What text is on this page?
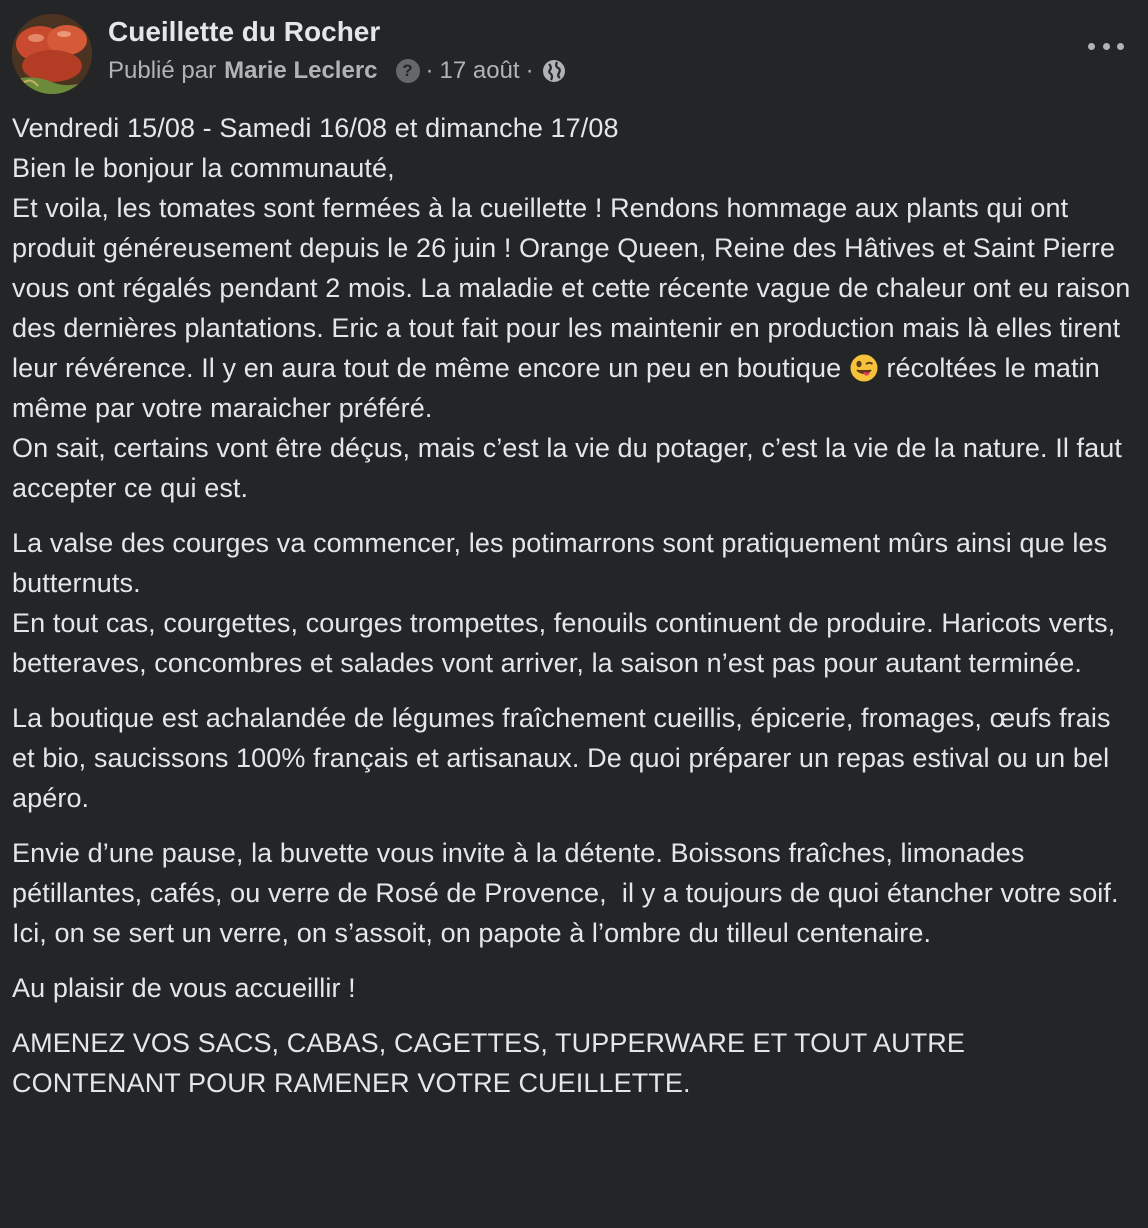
Cueillette du Rocher
Publié par Marie Leclerc	? · 17 août ·

Vendredi 15/08 - Samedi 16/08 et dimanche 17/08
Bien le bonjour la communauté,
Et voila, les tomates sont fermées à la cueillette ! Rendons hommage aux plants qui ont produit généreusement depuis le 26 juin ! Orange Queen, Reine des Hâtives et Saint Pierre vous ont régalés pendant 2 mois. La maladie et cette récente vague de chaleur ont eu raison des dernières plantations. Eric a tout fait pour les maintenir en production mais là elles tirent leur révérence. Il y en aura tout de même encore un peu en boutique récoltées le matin même par votre maraicher préféré.
On sait, certains vont être déçus, mais c’est la vie du potager, c’est la vie de la nature. Il faut accepter ce qui est.

La valse des courges va commencer, les potimarrons sont pratiquement mûrs ainsi que les butternuts.
En tout cas, courgettes, courges trompettes, fenouils continuent de produire. Haricots verts, betteraves, concombres et salades vont arriver, la saison n’est pas pour autant terminée.

La boutique est achalandée de légumes fraîchement cueillis, épicerie, fromages, œufs frais et bio, saucissons 100% français et artisanaux. De quoi préparer un repas estival ou un bel apéro.

Envie d’une pause, la buvette vous invite à la détente. Boissons fraîches, limonades pétillantes, cafés, ou verre de Rosé de Provence,  il y a toujours de quoi étancher votre soif.
Ici, on se sert un verre, on s’assoit, on papote à l’ombre du tilleul centenaire.

Au plaisir de vous accueillir !

AMENEZ VOS SACS, CABAS, CAGETTES, TUPPERWARE ET TOUT AUTRE CONTENANT POUR RAMENER VOTRE CUEILLETTE.
